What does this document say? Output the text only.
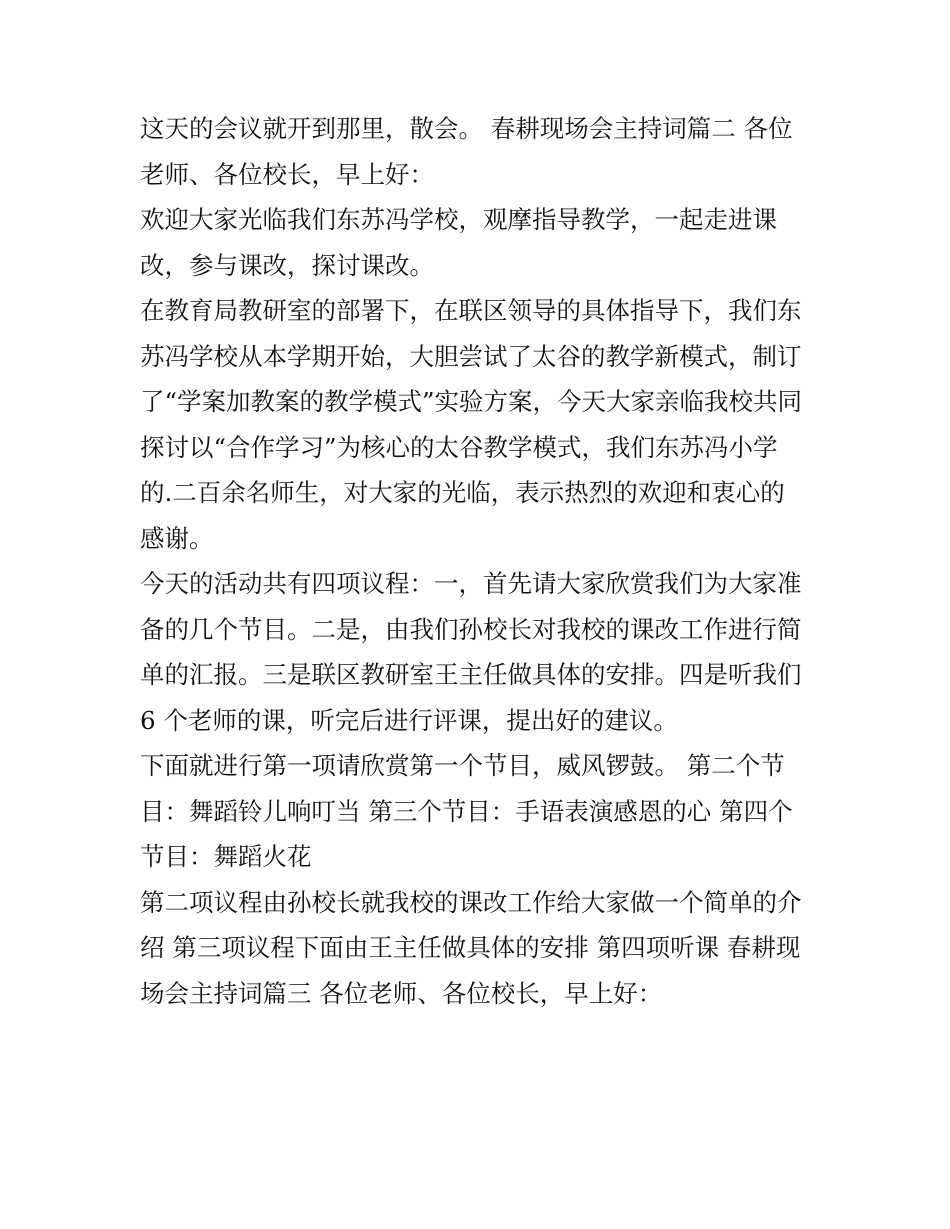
这天的会议就开到那里，散会。 春耕现场会主持词篇二 各位
老师、各位校长，早上好：
欢迎大家光临我们东苏冯学校，观摩指导教学，一起走进课
改，参与课改，探讨课改。
在教育局教研室的部署下，在联区领导的具体指导下，我们东
苏冯学校从本学期开始，大胆尝试了太谷的教学新模式，制订
了“学案加教案的教学模式”实验方案，今天大家亲临我校共同
探讨以“合作学习”为核心的太谷教学模式，我们东苏冯小学
的.二百余名师生，对大家的光临，表示热烈的欢迎和衷心的
感谢。
今天的活动共有四项议程：一，首先请大家欣赏我们为大家准
备的几个节目。二是，由我们孙校长对我校的课改工作进行简
单的汇报。三是联区教研室王主任做具体的安排。四是听我们
6 个老师的课，听完后进行评课，提出好的建议。
下面就进行第一项请欣赏第一个节目，威风锣鼓。 第二个节
目：舞蹈铃儿响叮当 第三个节目：手语表演感恩的心 第四个
节目：舞蹈火花
第二项议程由孙校长就我校的课改工作给大家做一个简单的介
绍 第三项议程下面由王主任做具体的安排 第四项听课 春耕现
场会主持词篇三 各位老师、各位校长，早上好：
